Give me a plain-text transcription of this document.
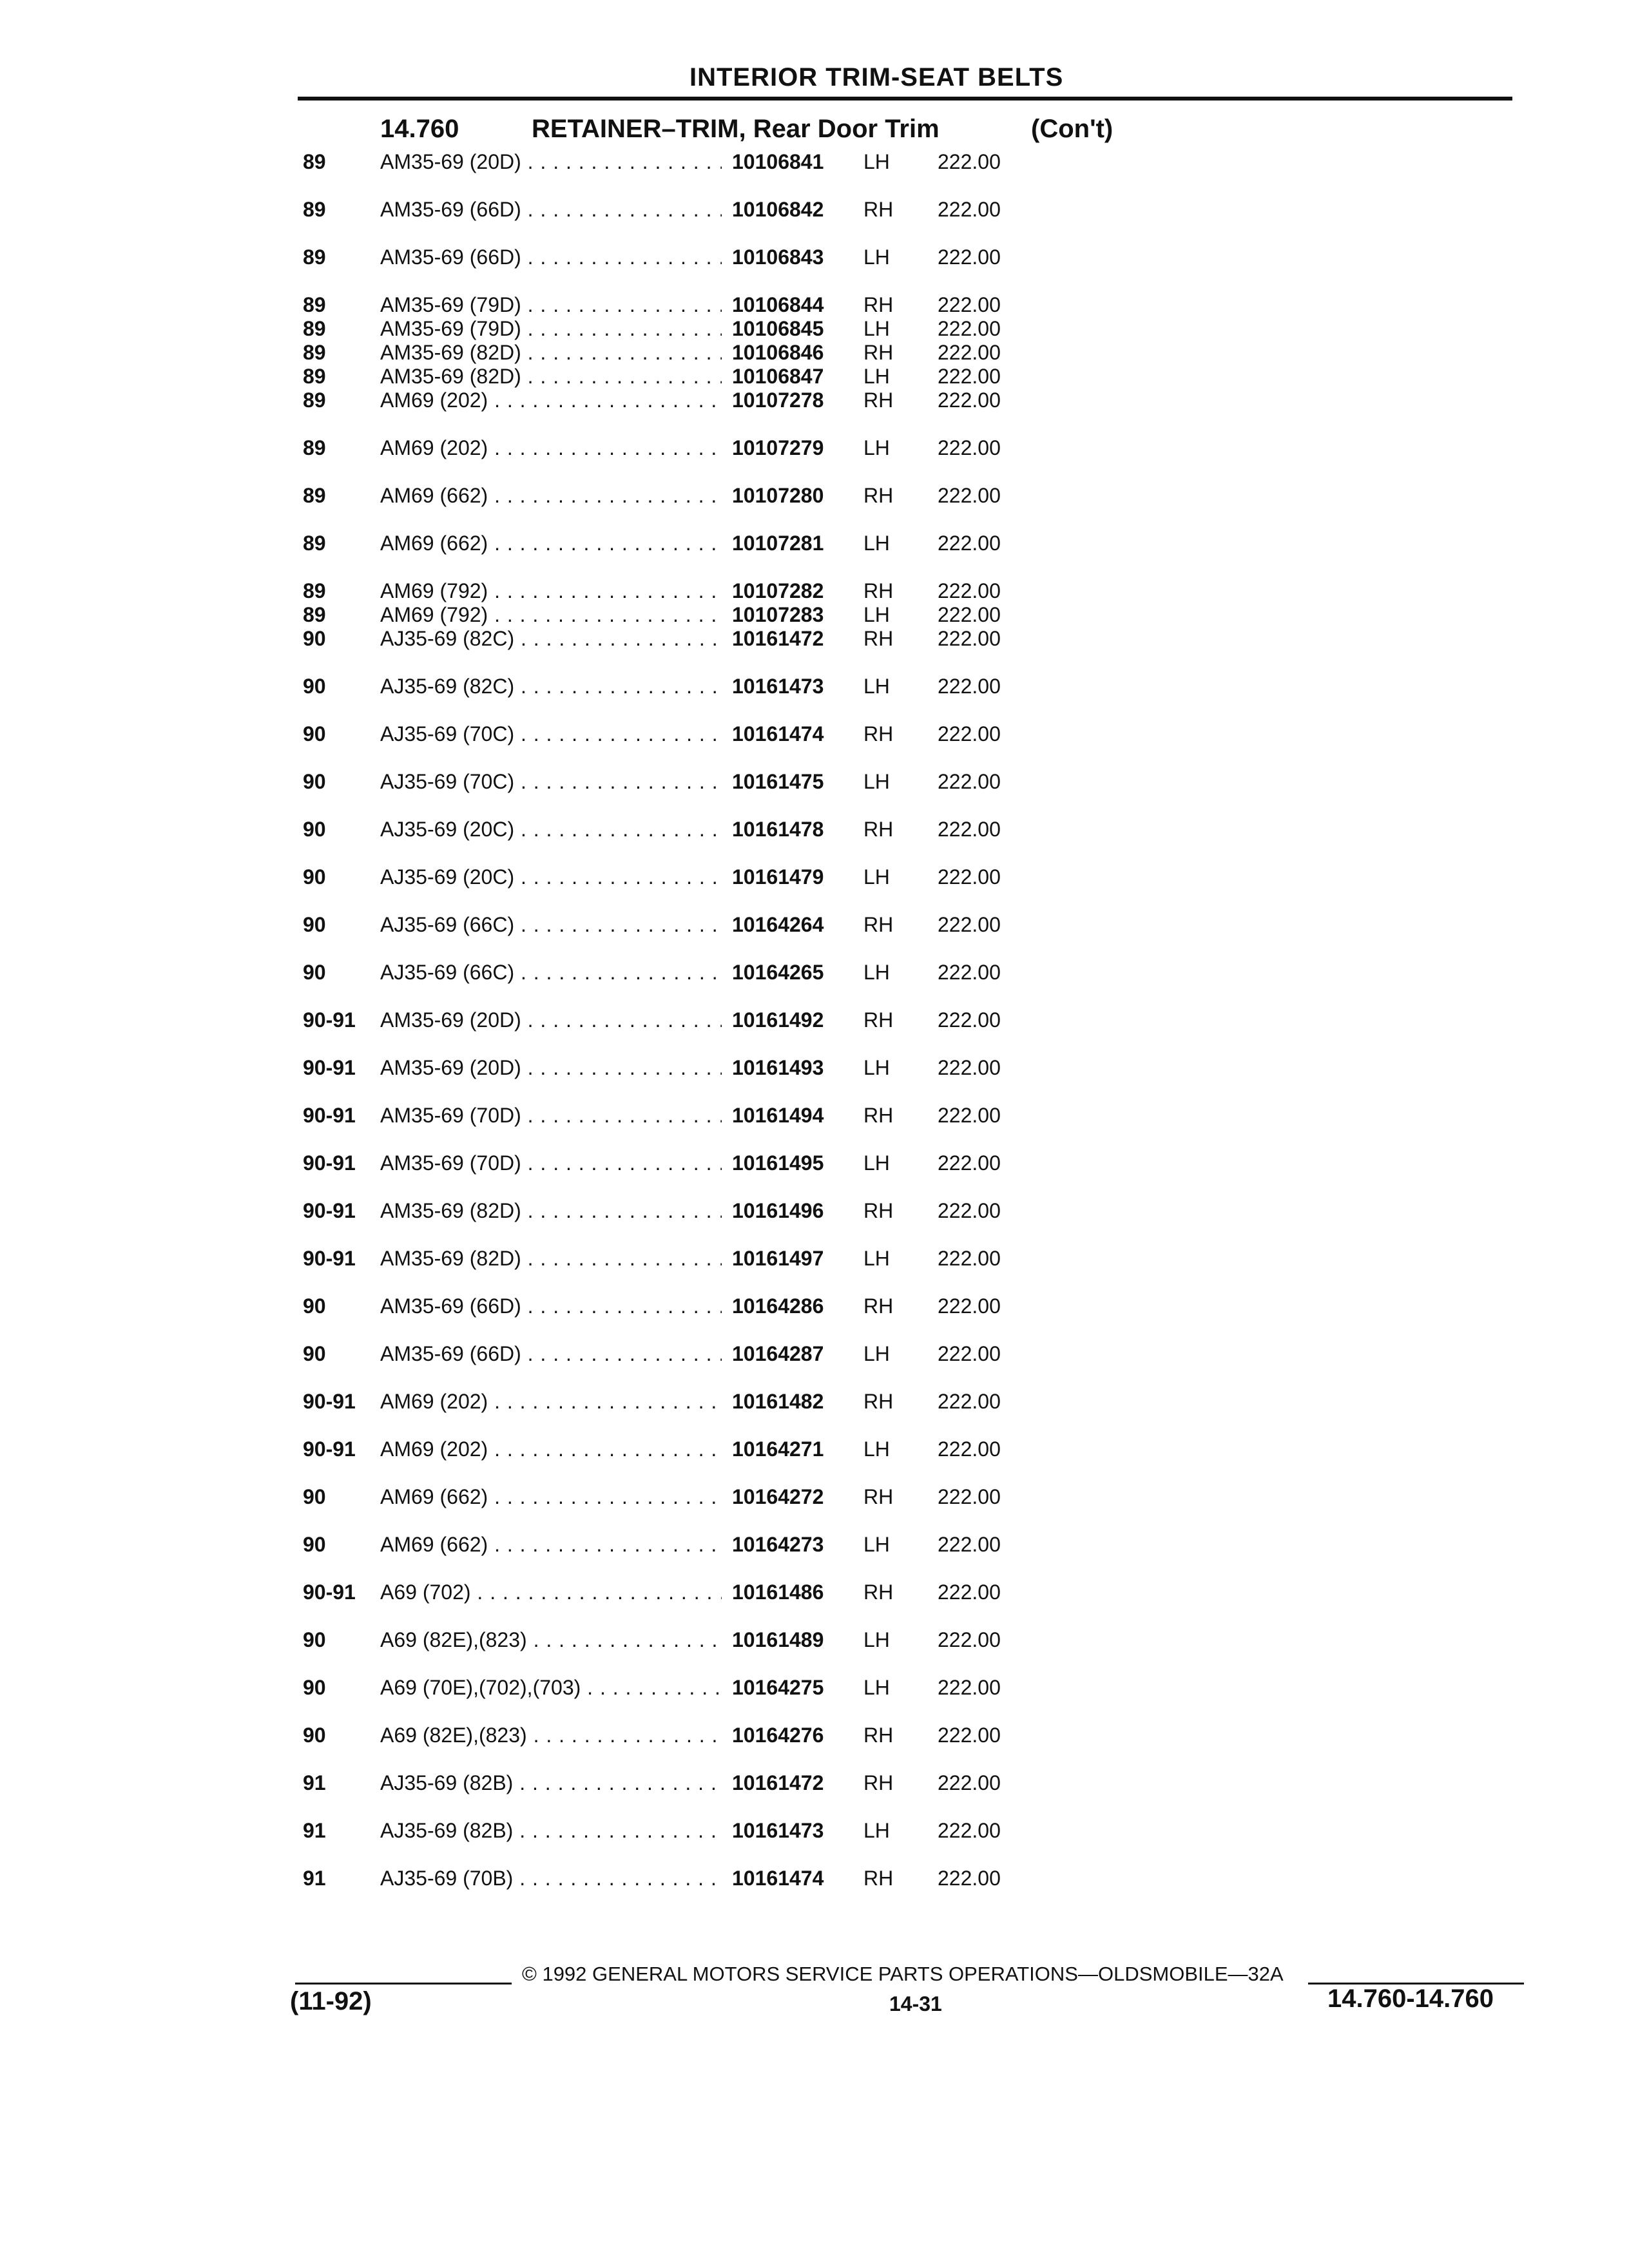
INTERIOR TRIM-SEAT BELTS
14.760	RETAINER–TRIM, Rear Door Trim	(Con't)
89	AM35-69 (20D) . . .	10106841 LH 222.00
89	AM35-69 (66D) . . .	10106842 RH 222.00
89	AM35-69 (66D) . . .	10106843 LH 222.00
89	AM35-69 (79D) . . .	10106844 RH 222.00
89	AM35-69 (79D) . . .	10106845 LH 222.00
89	AM35-69 (82D) . . .	10106846 RH 222.00
89	AM35-69 (82D) . . .	10106847 LH 222.00
89	AM69 (202) . . .	10107278 RH 222.00
89	AM69 (202) . . .	10107279 LH 222.00
89	AM69 (662) . . .	10107280 RH 222.00
89	AM69 (662) . . .	10107281 LH 222.00
89	AM69 (792) . . .	10107282 RH 222.00
89	AM69 (792) . . .	10107283 LH 222.00
90	AJ35-69 (82C) . . .	10161472 RH 222.00
90	AJ35-69 (82C) . . .	10161473 LH 222.00
90	AJ35-69 (70C) . . .	10161474 RH 222.00
90	AJ35-69 (70C) . . .	10161475 LH 222.00
90	AJ35-69 (20C) . . .	10161478 RH 222.00
90	AJ35-69 (20C) . . .	10161479 LH 222.00
90	AJ35-69 (66C) . . .	10164264 RH 222.00
90	AJ35-69 (66C) . . .	10164265 LH 222.00
90-91 AM35-69 (20D) . . .	10161492 RH 222.00
90-91 AM35-69 (20D) . . .	10161493 LH 222.00
90-91 AM35-69 (70D) . . .	10161494 RH 222.00
90-91 AM35-69 (70D) . . .	10161495 LH 222.00
90-91 AM35-69 (82D) . . .	10161496 RH 222.00
90-91 AM35-69 (82D) . . .	10161497 LH 222.00
90	AM35-69 (66D) . . .	10164286 RH 222.00
90	AM35-69 (66D) . . .	10164287 LH 222.00
90-91 AM69 (202) . . .	10161482 RH 222.00
90-91 AM69 (202) . . .	10164271 LH 222.00
90	AM69 (662) . . .	10164272 RH 222.00
90	AM69 (662) . . .	10164273 LH 222.00
90-91 A69 (702) . . .	10161486 RH 222.00
90	A69 (82E),(823) . . .	10161489 LH 222.00
90	A69 (70E),(702),(703) . . .	10164275 LH 222.00
90	A69 (82E),(823) . . .	10164276 RH 222.00
91	AJ35-69 (82B) . . .	10161472 RH 222.00
91	AJ35-69 (82B) . . .	10161473 LH 222.00
91	AJ35-69 (70B) . . .	10161474 RH 222.00
© 1992 GENERAL MOTORS SERVICE PARTS OPERATIONS—OLDSMOBILE—32A
(11-92)	14-31	14.760-14.760
